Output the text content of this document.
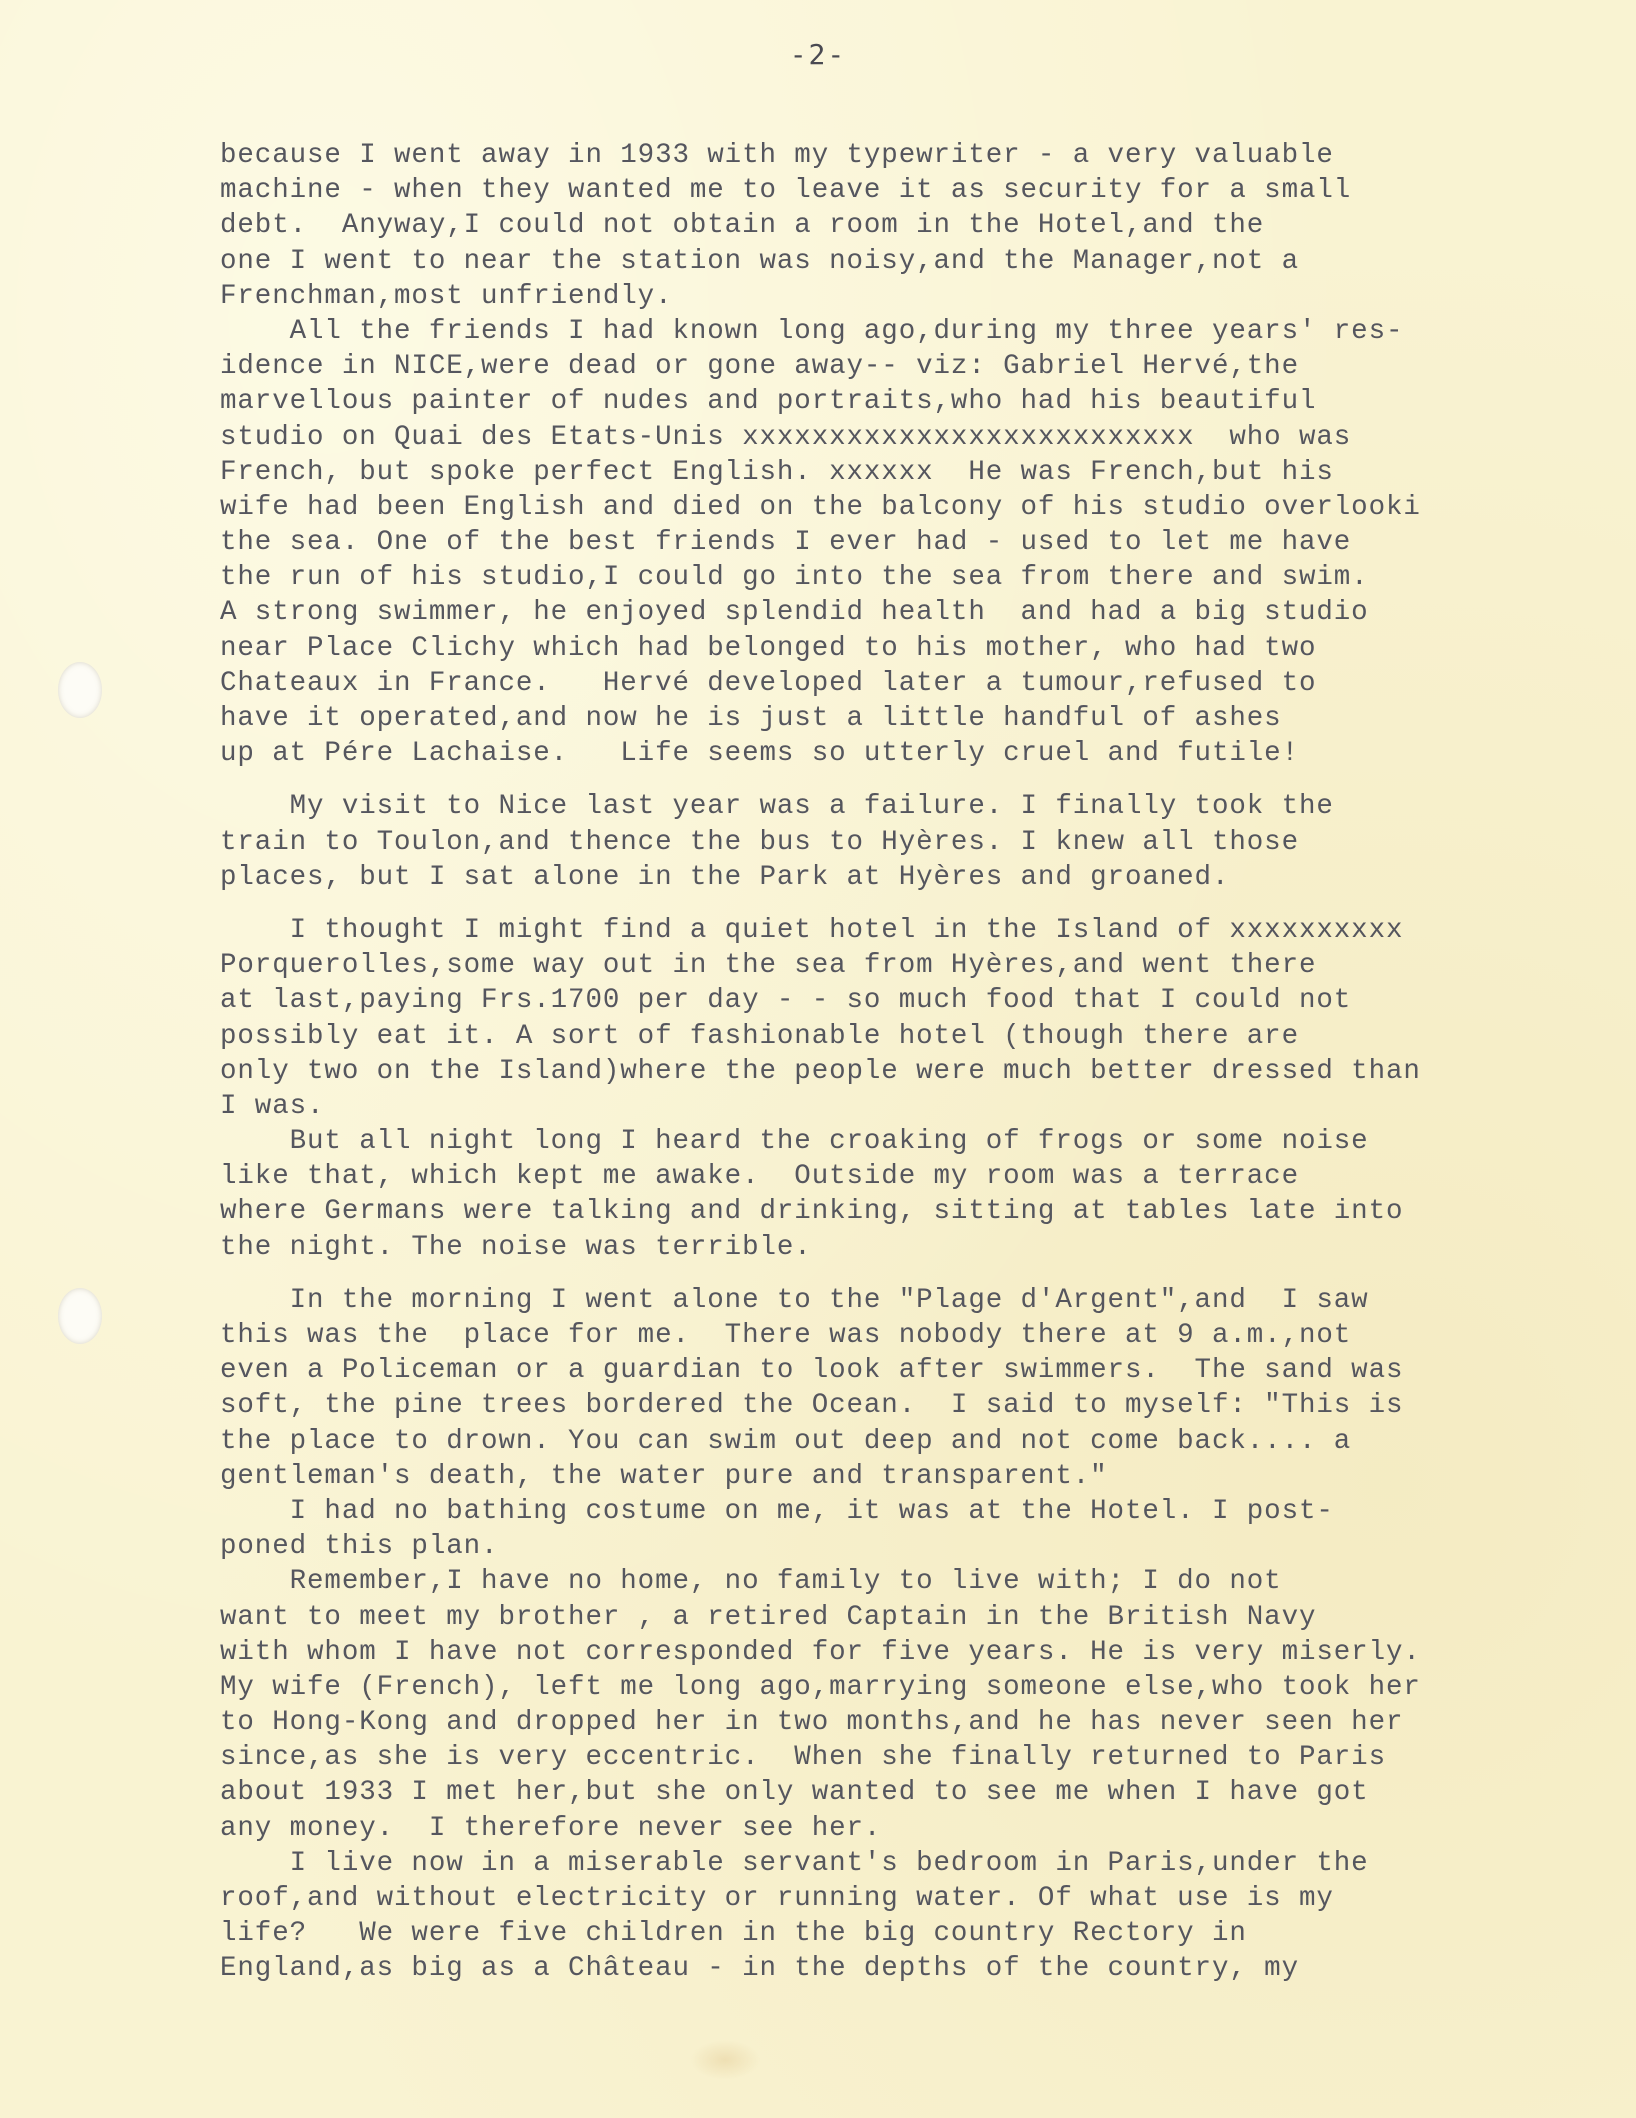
-2-
because I went away in 1933 with my typewriter - a very valuable
machine - when they wanted me to leave it as security for a small
debt.  Anyway,I could not obtain a room in the Hotel,and the
one I went to near the station was noisy,and the Manager,not a
Frenchman,most unfriendly.
All the friends I had known long ago,during my three years' res-
idence in NICE,were dead or gone away-- viz: Gabriel Hervé,the
marvellous painter of nudes and portraits,who had his beautiful
studio on Quai des Etats-Unis xxxxxxxxxxxxxxxxxxxxxxxxxx  who was
French, but spoke perfect English. xxxxxx  He was French,but his
wife had been English and died on the balcony of his studio overlooki
the sea. One of the best friends I ever had - used to let me have
the run of his studio,I could go into the sea from there and swim.
A strong swimmer, he enjoyed splendid health  and had a big studio
near Place Clichy which had belonged to his mother, who had two
Chateaux in France.   Hervé developed later a tumour,refused to
have it operated,and now he is just a little handful of ashes
up at Pére Lachaise.   Life seems so utterly cruel and futile!
My visit to Nice last year was a failure. I finally took the
train to Toulon,and thence the bus to Hyères. I knew all those
places, but I sat alone in the Park at Hyères and groaned.
I thought I might find a quiet hotel in the Island of xxxxxxxxxx
Porquerolles,some way out in the sea from Hyères,and went there
at last,paying Frs.1700 per day - - so much food that I could not
possibly eat it. A sort of fashionable hotel (though there are
only two on the Island)where the people were much better dressed than
I was.
But all night long I heard the croaking of frogs or some noise
like that, which kept me awake.  Outside my room was a terrace
where Germans were talking and drinking, sitting at tables late into
the night. The noise was terrible.
In the morning I went alone to the "Plage d'Argent",and  I saw
this was the  place for me.  There was nobody there at 9 a.m.,not
even a Policeman or a guardian to look after swimmers.  The sand was
soft, the pine trees bordered the Ocean.  I said to myself: "This is
the place to drown. You can swim out deep and not come back.... a
gentleman's death, the water pure and transparent."
I had no bathing costume on me, it was at the Hotel. I post-
poned this plan.
Remember,I have no home, no family to live with; I do not
want to meet my brother , a retired Captain in the British Navy
with whom I have not corresponded for five years. He is very miserly.
My wife (French), left me long ago,marrying someone else,who took her
to Hong-Kong and dropped her in two months,and he has never seen her
since,as she is very eccentric.  When she finally returned to Paris
about 1933 I met her,but she only wanted to see me when I have got
any money.  I therefore never see her.
I live now in a miserable servant's bedroom in Paris,under the
roof,and without electricity or running water. Of what use is my
life?   We were five children in the big country Rectory in
England,as big as a Château - in the depths of the country, my
